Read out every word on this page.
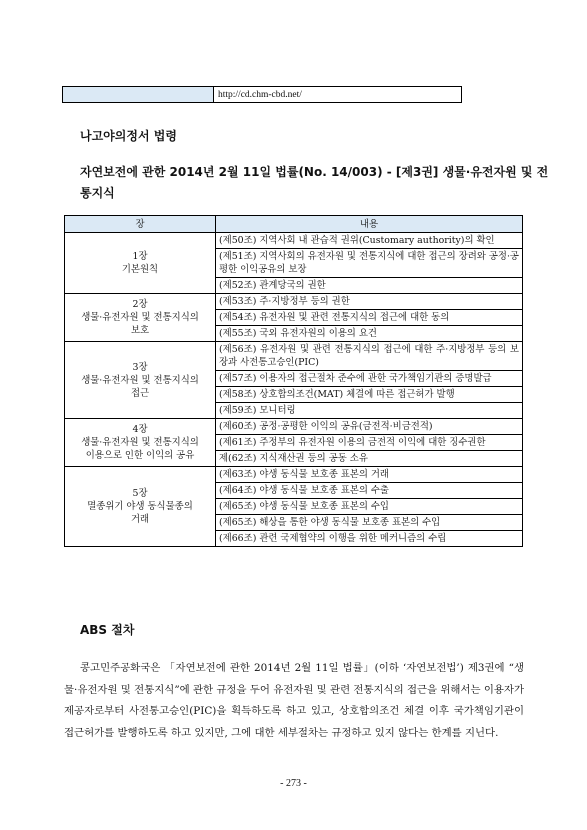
	http://cd.chm-cbd.net/
나고야의정서 법령
자연보전에 관한 2014년 2월 11일 법률(No. 14/003) - [제3권] 생물·유전자원 및 전통지식
장	내용

1장
기본원칙	(제50조) 지역사회 내 관습적 권위(Customary authority)의 확인
	(제51조) 지역사회의 유전자원 및 전통지식에 대한 접근의 장려와 공정·공평한 이익공유의 보장
	(제52조) 관계당국의 권한

2장
생물·유전자원 및 전통지식의
보호	(제53조) 주·지방정부 등의 권한
	(제54조) 유전자원 및 관련 전통지식의 접근에 대한 동의
	(제55조) 국외 유전자원의 이용의 요건

3장
생물·유전자원 및 전통지식의
접근	(제56조) 유전자원 및 관련 전통지식의 접근에 대한 주·지방정부 등의 보장과 사전통고승인(PIC)
	(제57조) 이용자의 접근절차 준수에 관한 국가책임기관의 증명발급
	(제58조) 상호합의조건(MAT) 체결에 따른 접근허가 발행
	(제59조) 모니터링

4장
생물·유전자원 및 전통지식의
이용으로 인한 이익의 공유	(제60조) 공정·공평한 이익의 공유(금전적·비금전적)
	(제61조) 주정부의 유전자원 이용의 금전적 이익에 대한 징수권한
	제(62조) 지식재산권 등의 공동 소유

5장
멸종위기 야생 동식물종의
거래	(제63조) 야생 동식물 보호종 표본의 거래
	(제64조) 야생 동식물 보호종 표본의 수출
	(제65조) 야생 동식물 보호종 표본의 수입
	(제65조) 해상을 통한 야생 동식물 보호종 표본의 수입
	(제66조) 관련 국제협약의 이행을 위한 메커니즘의 수립
ABS 절차
콩고민주공화국은 「자연보전에 관한 2014년 2월 11일 법률」(이하 ‘자연보전법’) 제3권에 “생물·유전자원 및 전통지식”에 관한 규정을 두어 유전자원 및 관련 전통지식의 접근을 위해서는 이용자가 제공자로부터 사전통고승인(PIC)을 획득하도록 하고 있고, 상호합의조건 체결 이후 국가책임기관이 접근허가를 발행하도록 하고 있지만, 그에 대한 세부절차는 규정하고 있지 않다는 한계를 지닌다.
- 273 -
